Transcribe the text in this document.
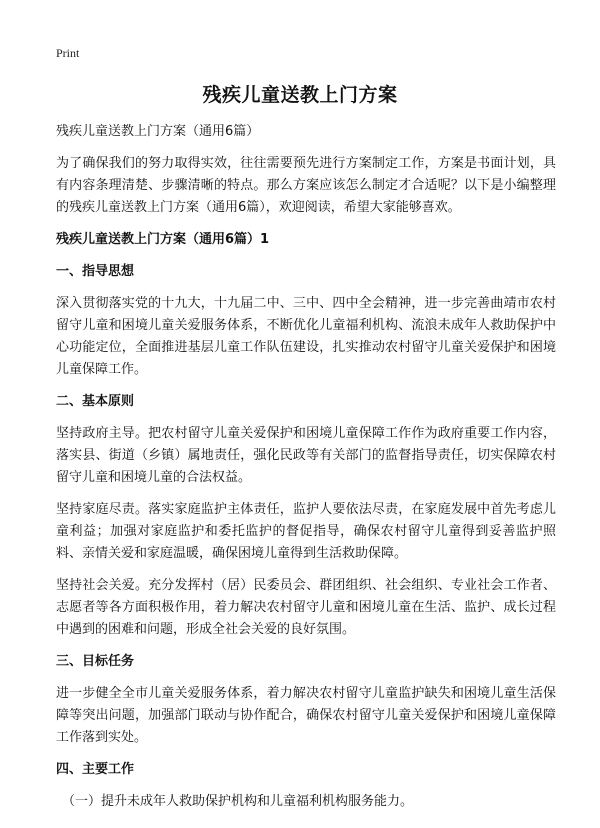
Print
残疾儿童送教上门方案

残疾儿童送教上门方案（通用6篇）

为了确保我们的努力取得实效，往往需要预先进行方案制定工作，方案是书面计划，具有内容条理清楚、步骤清晰的特点。那么方案应该怎么制定才合适呢？以下是小编整理的残疾儿童送教上门方案（通用6篇），欢迎阅读，希望大家能够喜欢。

残疾儿童送教上门方案（通用6篇）1

一、指导思想

深入贯彻落实党的十九大，十九届二中、三中、四中全会精神，进一步完善曲靖市农村留守儿童和困境儿童关爱服务体系，不断优化儿童福利机构、流浪未成年人救助保护中心功能定位，全面推进基层儿童工作队伍建设，扎实推动农村留守儿童关爱保护和困境儿童保障工作。

二、基本原则

坚持政府主导。把农村留守儿童关爱保护和困境儿童保障工作作为政府重要工作内容，落实县、街道（乡镇）属地责任，强化民政等有关部门的监督指导责任，切实保障农村留守儿童和困境儿童的合法权益。

坚持家庭尽责。落实家庭监护主体责任，监护人要依法尽责，在家庭发展中首先考虑儿童利益；加强对家庭监护和委托监护的督促指导，确保农村留守儿童得到妥善监护照料、亲情关爱和家庭温暖，确保困境儿童得到生活救助保障。

坚持社会关爱。充分发挥村（居）民委员会、群团组织、社会组织、专业社会工作者、志愿者等各方面积极作用，着力解决农村留守儿童和困境儿童在生活、监护、成长过程中遇到的困难和问题，形成全社会关爱的良好氛围。

三、目标任务

进一步健全全市儿童关爱服务体系，着力解决农村留守儿童监护缺失和困境儿童生活保障等突出问题，加强部门联动与协作配合，确保农村留守儿童关爱保护和困境儿童保障工作落到实处。

四、主要工作

（一）提升未成年人救助保护机构和儿童福利机构服务能力。
